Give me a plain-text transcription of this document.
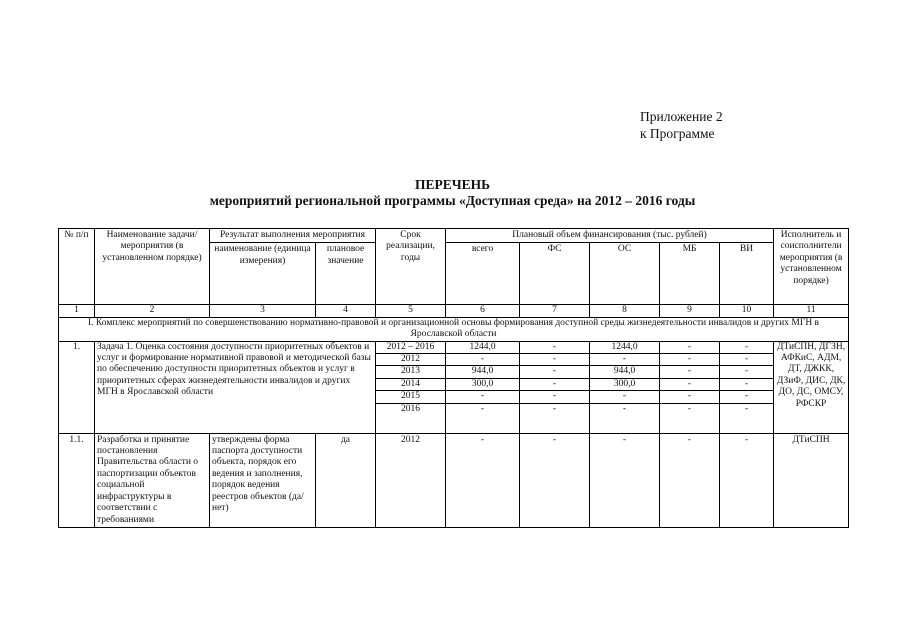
Приложение 2
к Программе
ПЕРЕЧЕНЬ
мероприятий региональной программы «Доступная среда» на 2012 – 2016 годы
№ п/п	Наименование задачи/ мероприятия (в установленном порядке)	Результат выполнения мероприятия		Срок реализации, годы	Плановый объем финансирования (тыс. рублей)					Исполнитель и соисполнители мероприятия (в установленном порядке)
		наименование (единица измерения)	плановое значение		всего	ФС	ОС	МБ	ВИ	
1	2	3	4	5	6	7	8	9	10	11
I. Комплекс мероприятий по совершенствованию нормативно-правовой и организационной основы формирования доступной среды жизнедеятельности инвалидов и других МГН в Ярославской области										
1.	Задача 1. Оценка состояния доступности приоритетных объектов и услуг и формирование нормативной правовой и методической базы по обеспечению доступности приоритетных объектов и услуг в приоритетных сферах жизнедеятельности инвалидов и других МГН в Ярославской области			2012 – 2016	1244,0	-	1244,0	-	-	ДТиСПН, ДГЗН, АФКиС, АДМ, ДТ, ДЖКК, ДЗиФ, ДИС, ДК, ДО, ДС, ОМСУ, РФСКР
				2012	-	-	-	-	-	
				2013	944,0	-	944,0	-	-	
				2014	300,0	-	300,0	-	-	
				2015	-	-	-	-	-	
				2016	-	-	-	-	-	
1.1.	Разработка и принятие постановления Правительства области о паспортизации объектов социальной инфраструктуры в соответствии с требованиями	утверждены форма паспорта доступности объекта, порядок его ведения и заполнения, порядок ведения реестров объектов (да/нет)	да	2012	-	-	-	-	-	ДТиСПН
